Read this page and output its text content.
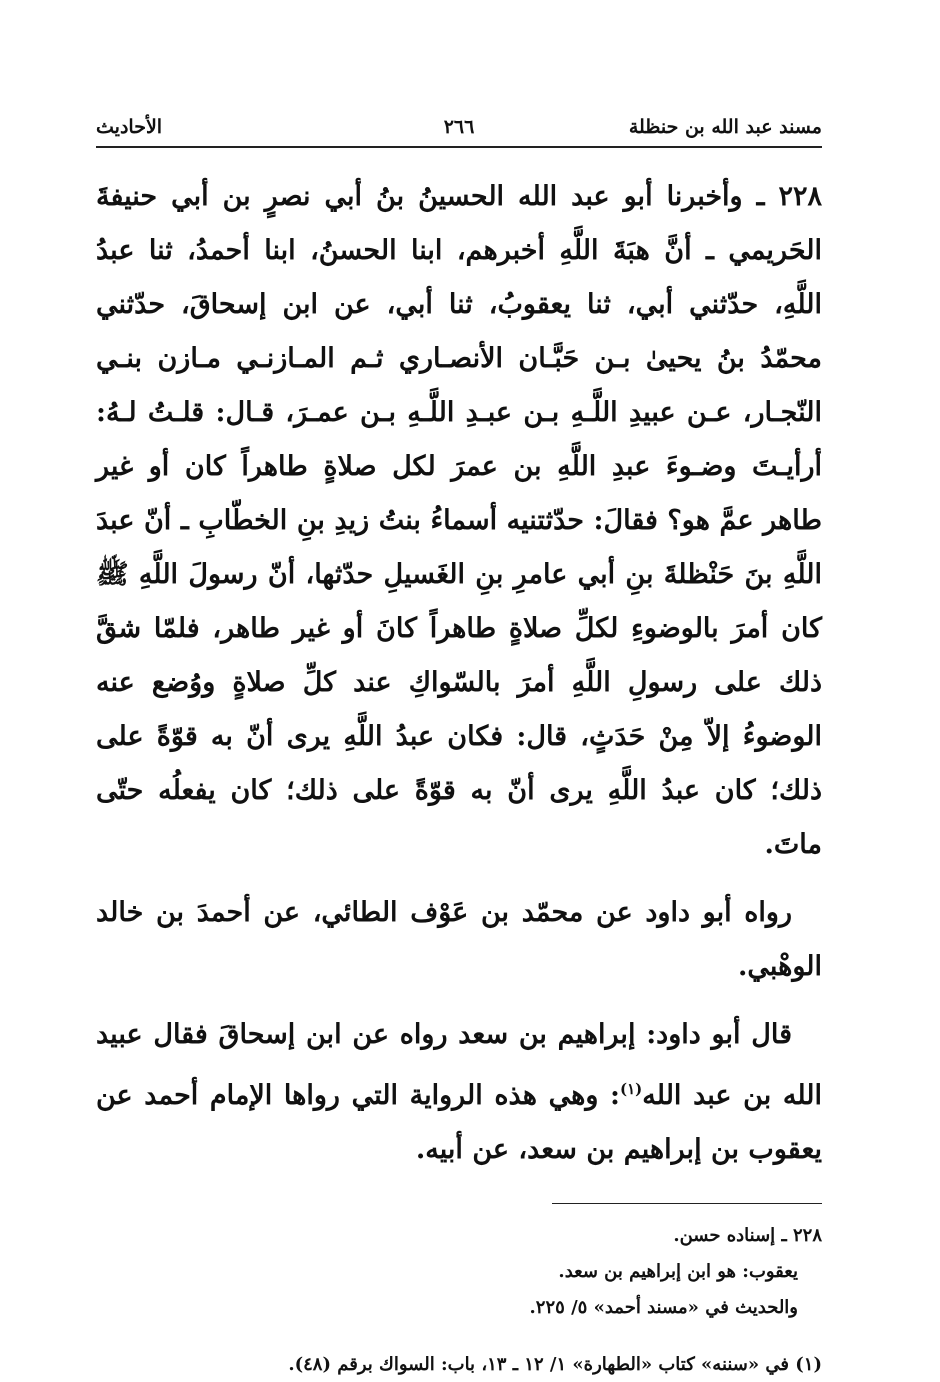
مسند عبد الله بن حنظلة
٢٦٦
الأحاديث

٢٢٨ ـ وأخبرنا أبو عبد الله الحسينُ بنُ أبي نصرٍ بن أبي حنيفةَ الحَريمي ـ أنَّ هبَةَ اللَّهِ أخبرهم، ابنا الحسنُ، ابنا أحمدُ، ثنا عبدُ اللَّهِ، حدّثني أبي، ثنا يعقوبُ، ثنا أبي، عن ابن إسحاقَ، حدّثني محمّدُ بنُ يحيىٰ بـن حَبَّـان الأنصـاري ثـم المـازنـي مـازن بنـي النّجـار، عـن عبيدِ اللَّـهِ بـن عبـدِ اللَّـهِ بـن عمـرَ، قـال: قلـتُ لـهُ: أرأيـتَ وضـوءَ عبدِ اللَّهِ بن عمرَ لكل صلاةٍ طاهراً كان أو غير طاهر عمَّ هو؟ فقالَ: حدّثتنيه أسماءُ بنتُ زيدِ بنِ الخطّابِ ـ أنّ عبدَ اللَّهِ بنَ حَنْظلةَ بنِ أبي عامرِ بنِ الغَسيلِ حدّثها، أنّ رسولَ اللَّهِ ﷺ كان أمرَ بالوضوءِ لكلِّ صلاةٍ طاهراً كانَ أو غير طاهر، فلمّا شقَّ ذلك على رسولِ اللَّهِ أمرَ بالسّواكِ عند كلِّ صلاةٍ ووُضع عنه الوضوءُ إلاّ مِنْ حَدَثٍ، قال: فكان عبدُ اللَّهِ يرى أنّ به قوّةً على ذلك؛ كان عبدُ اللَّهِ يرى أنّ به قوّةً على ذلك؛ كان يفعلُه حتّى ماتَ.

رواه أبو داود عن محمّد بن عَوْف الطائي، عن أحمدَ بن خالد الوهْبي.

قال أبو داود: إبراهيم بن سعد رواه عن ابن إسحاقَ فقال عبيد الله بن عبد الله$^{(١)}$: وهي هذه الرواية التي رواها الإمام أحمد عن يعقوب بن إبراهيم بن سعد، عن أبيه.

٢٢٨ ـ إسناده حسن.
يعقوب: هو ابن إبراهيم بن سعد.
والحديث في «مسند أحمد» ٥/ ٢٢٥.
(١) في «سننه» كتاب «الطهارة» ١/ ١٢ ـ ١٣، باب: السواك برقم (٤٨).
